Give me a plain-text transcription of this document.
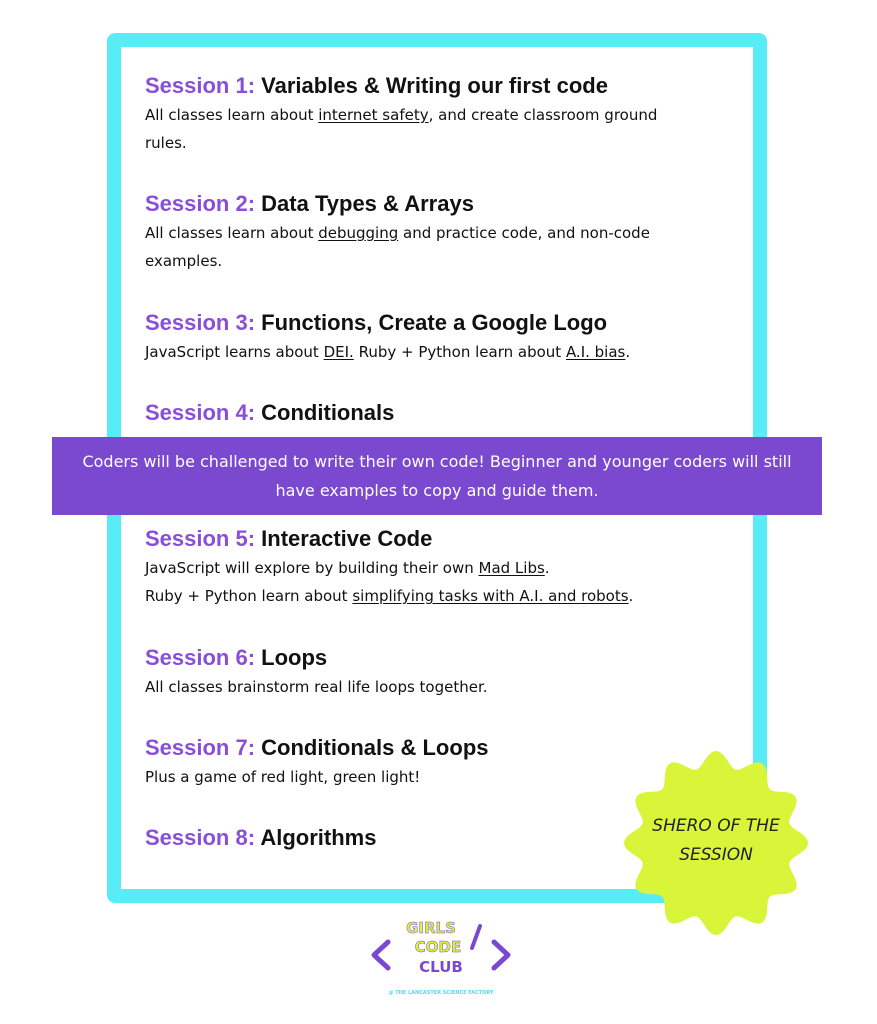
Session 1: Variables & Writing our first code
All classes learn about internet safety, and create classroom ground
rules.
Session 2: Data Types & Arrays
All classes learn about debugging and practice code, and non-code
examples.
Session 3: Functions, Create a Google Logo
JavaScript learns about DEI. Ruby + Python learn about A.I. bias.
Session 4: Conditionals
Coders will be challenged to write their own code! Beginner and younger coders will still
have examples to copy and guide them.
Session 5: Interactive Code
JavaScript will explore by building their own Mad Libs.
Ruby + Python learn about simplifying tasks with A.I. and robots.
Session 6: Loops
All classes brainstorm real life loops together.
Session 7: Conditionals & Loops
Plus a game of red light, green light!
Session 8: Algorithms	SHERO OF THE
SESSION
GIRLS
CODE
CLUB
@ THE LANCASTER SCIENCE FACTORY
